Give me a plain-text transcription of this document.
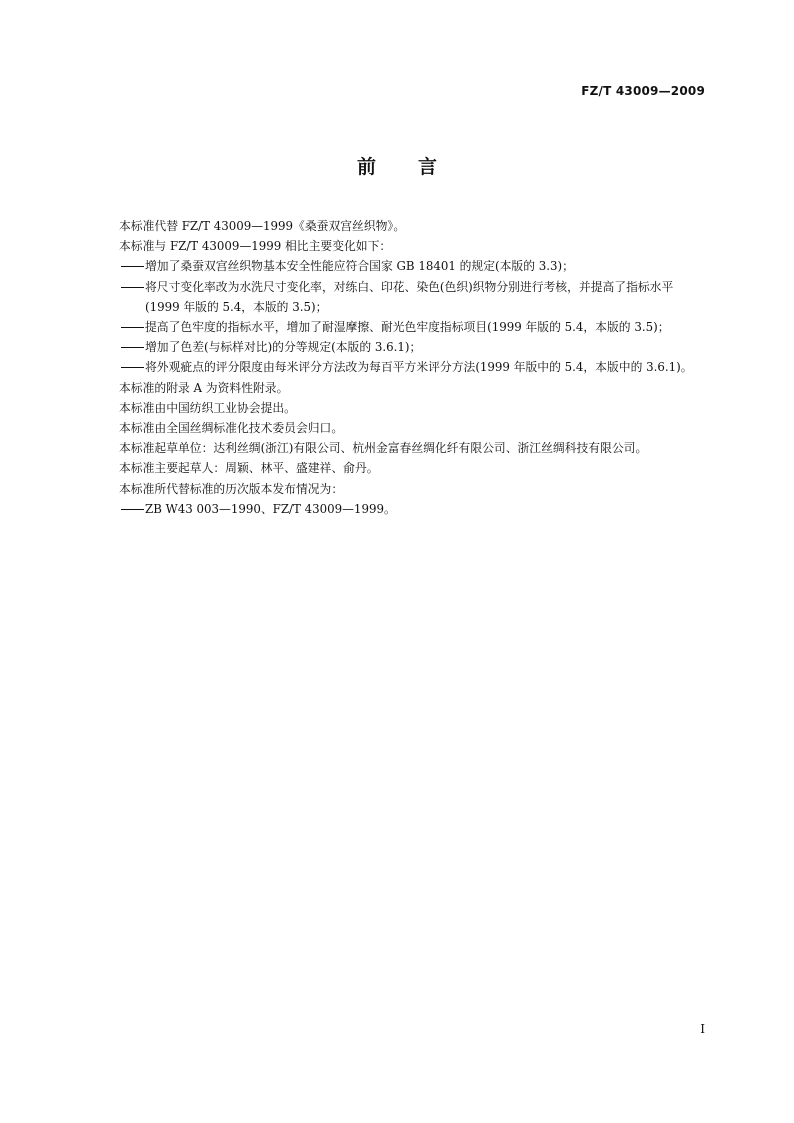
FZ/T 43009—2009
前言

本标准代替 FZ/T 43009—1999《桑蚕双宫丝织物》。

本标准与 FZ/T 43009—1999 相比主要变化如下：

增加了桑蚕双宫丝织物基本安全性能应符合国家 GB 18401 的规定(本版的 3.3)；
将尺寸变化率改为水洗尺寸变化率，对练白、印花、染色(色织)织物分别进行考核，并提高了指标水平(1999 年版的 5.4，本版的 3.5)；
提高了色牢度的指标水平，增加了耐湿摩擦、耐光色牢度指标项目(1999 年版的 5.4，本版的 3.5)；
增加了色差(与标样对比)的分等规定(本版的 3.6.1)；
将外观疵点的评分限度由每米评分方法改为每百平方米评分方法(1999 年版中的 5.4，本版中的 3.6.1)。

本标准的附录 A 为资料性附录。

本标准由中国纺织工业协会提出。

本标准由全国丝绸标准化技术委员会归口。

本标准起草单位：达利丝绸(浙江)有限公司、杭州金富春丝绸化纤有限公司、浙江丝绸科技有限公司。

本标准主要起草人：周颖、林平、盛建祥、俞丹。

本标准所代替标准的历次版本发布情况为：

ZB W43 003—1990、FZ/T 43009—1999。
I
